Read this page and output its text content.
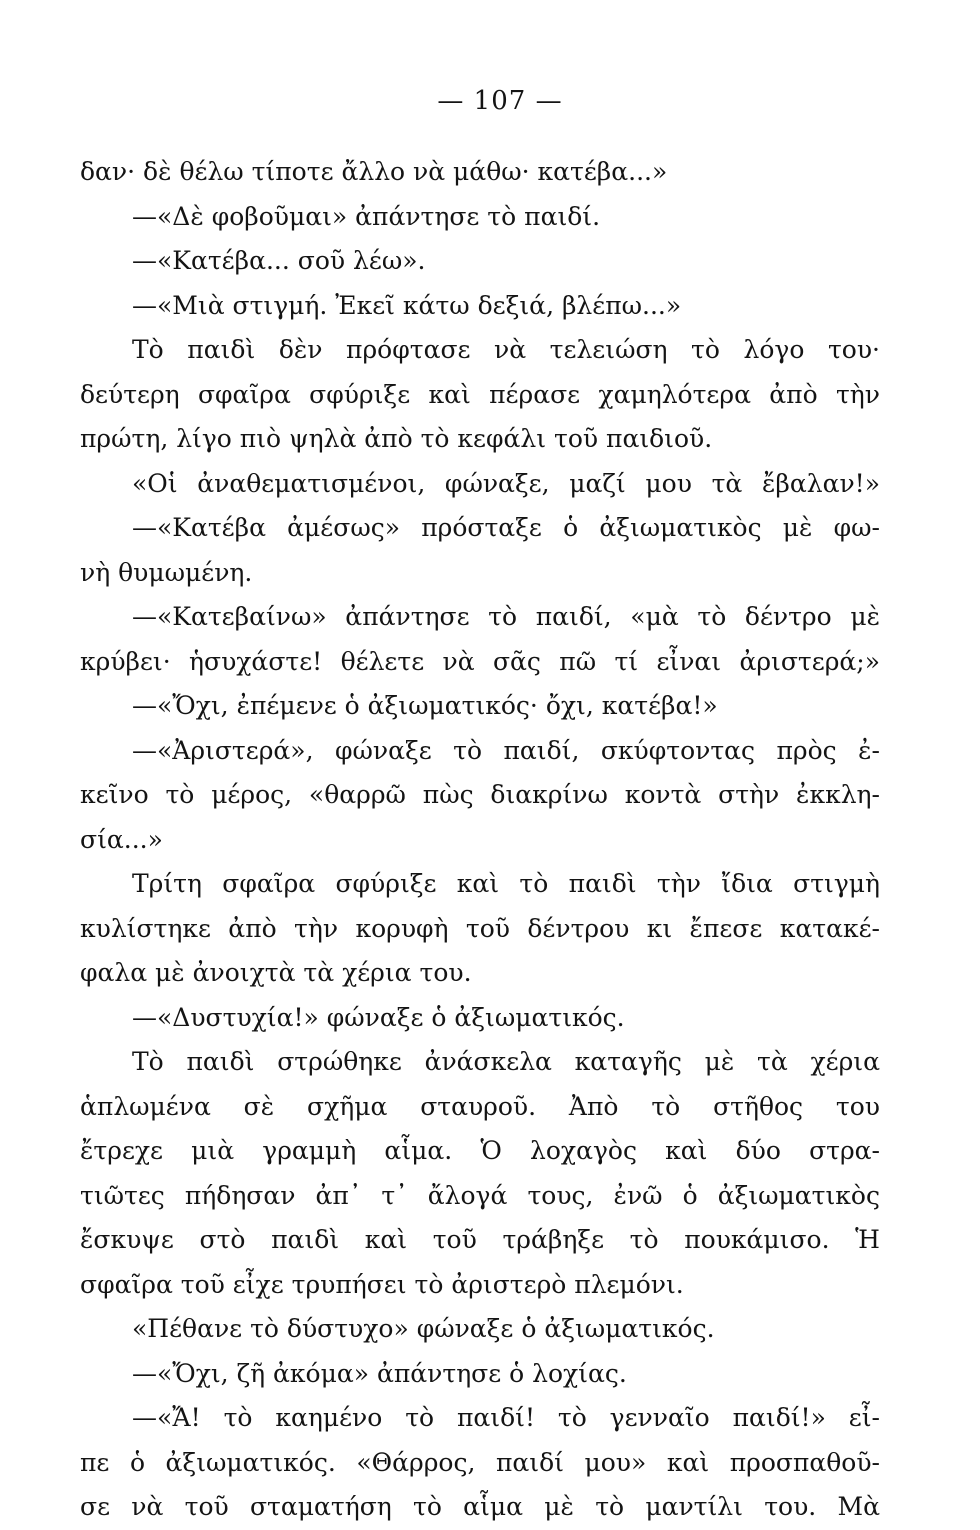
— 107 —
δαν· δὲ θέλω τίποτε ἄλλο νὰ μάθω· κατέβα...»
—«Δὲ φοβοῦμαι» ἀπάντησε τὸ παιδί.
—«Κατέβα... σοῦ λέω».
—«Μιὰ στιγμή. Ἐκεῖ κάτω δεξιά, βλέπω...»
Τὸ παιδὶ δὲν πρόφτασε νὰ τελειώση τὸ λόγο του·
δεύτερη σφαῖρα σφύριξε καὶ πέρασε χαμηλότερα ἀπὸ τὴν
πρώτη, λίγο πιὸ ψηλὰ ἀπὸ τὸ κεφάλι τοῦ παιδιοῦ.
«Οἱ ἀναθεματισμένοι, φώναξε, μαζί μου τὰ ἔβαλαν!»
—«Κατέβα ἀμέσως» πρόσταξε ὁ ἀξιωματικὸς μὲ φω-
νὴ θυμωμένη.
—«Κατεβαίνω» ἀπάντησε τὸ παιδί, «μὰ τὸ δέντρο μὲ
κρύβει· ἡσυχάστε! θέλετε νὰ σᾶς πῶ τί εἶναι ἀριστερά;»
—«Ὄχι, ἐπέμενε ὁ ἀξιωματικός· ὄχι, κατέβα!»
—«Ἀριστερά», φώναξε τὸ παιδί, σκύφτοντας πρὸς ἐ-
κεῖνο τὸ μέρος, «θαρρῶ πὼς διακρίνω κοντὰ στὴν ἐκκλη-
σία...»
Τρίτη σφαῖρα σφύριξε καὶ τὸ παιδὶ τὴν ἴδια στιγμὴ
κυλίστηκε ἀπὸ τὴν κορυφὴ τοῦ δέντρου κι ἔπεσε κατακέ-
φαλα μὲ ἀνοιχτὰ τὰ χέρια του.
—«Δυστυχία!» φώναξε ὁ ἀξιωματικός.
Τὸ παιδὶ στρώθηκε ἀνάσκελα καταγῆς μὲ τὰ χέρια
ἁπλωμένα σὲ σχῆμα σταυροῦ. Ἀπὸ τὸ στῆθος του
ἔτρεχε μιὰ γραμμὴ αἷμα. Ὁ λοχαγὸς καὶ δύο στρα-
τιῶτες πήδησαν ἀπ᾽ τ᾽ ἄλογά τους, ἐνῶ ὁ ἀξιωματικὸς
ἔσκυψε στὸ παιδὶ καὶ τοῦ τράβηξε τὸ πουκάμισο. Ἡ
σφαῖρα τοῦ εἶχε τρυπήσει τὸ ἀριστερὸ πλεμόνι.
«Πέθανε τὸ δύστυχο» φώναξε ὁ ἀξιωματικός.
—«Ὄχι, ζῆ ἀκόμα» ἀπάντησε ὁ λοχίας.
—«Ἄ! τὸ καημένο τὸ παιδί! τὸ γενναῖο παιδί!» εἶ-
πε ὁ ἀξιωματικός. «Θάρρος, παιδί μου» καὶ προσπαθοῦ-
σε νὰ τοῦ σταματήση τὸ αἷμα μὲ τὸ μαντίλι του. Μὰ
